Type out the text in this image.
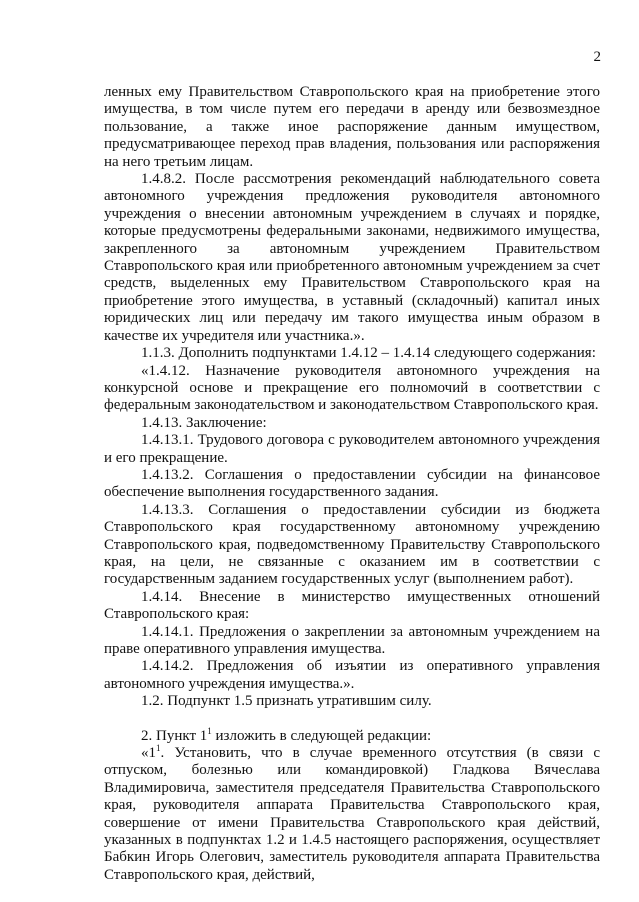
2

ленных ему Правительством Ставропольского края на приобретение этого имущества, в том числе путем его передачи в аренду или безвозмездное пользование, а также иное распоряжение данным имуществом, предусматривающее переход прав владения, пользования или распоряжения на него третьим лицам.

1.4.8.2. После рассмотрения рекомендаций наблюдательного совета автономного учреждения предложения руководителя автономного учреждения о внесении автономным учреждением в случаях и порядке, которые предусмотрены федеральными законами, недвижимого имущества, закрепленного за автономным учреждением Правительством Ставропольского края или приобретенного автономным учреждением за счет средств, выделенных ему Правительством Ставропольского края на приобретение этого имущества, в уставный (складочный) капитал иных юридических лиц или передачу им такого имущества иным образом в качестве их учредителя или участника.».

1.1.3. Дополнить подпунктами 1.4.12 – 1.4.14 следующего содержания:

«1.4.12. Назначение руководителя автономного учреждения на конкурсной основе и прекращение его полномочий в соответствии с федеральным законодательством и законодательством Ставропольского края.

1.4.13. Заключение:

1.4.13.1. Трудового договора с руководителем автономного учреждения и его прекращение.

1.4.13.2. Соглашения о предоставлении субсидии на финансовое обеспечение выполнения государственного задания.

1.4.13.3. Соглашения о предоставлении субсидии из бюджета Ставропольского края государственному автономному учреждению Ставропольского края, подведомственному Правительству Ставропольского края, на цели, не связанные с оказанием им в соответствии с государственным заданием государственных услуг (выполнением работ).

1.4.14. Внесение в министерство имущественных отношений Ставропольского края:

1.4.14.1. Предложения о закреплении за автономным учреждением на праве оперативного управления имущества.

1.4.14.2. Предложения об изъятии из оперативного управления автономного учреждения имущества.».

1.2. Подпункт 1.5 признать утратившим силу.

2. Пункт $1^1$ изложить в следующей редакции:

«$1^1$. Установить, что в случае временного отсутствия (в связи с отпуском, болезнью или командировкой) Гладкова Вячеслава Владимировича, заместителя председателя Правительства Ставропольского края, руководителя аппарата Правительства Ставропольского края, совершение от имени Правительства Ставропольского края действий, указанных в подпунктах 1.2 и 1.4.5 настоящего распоряжения, осуществляет Бабкин Игорь Олегович, заместитель руководителя аппарата Правительства Ставропольского края, действий,
